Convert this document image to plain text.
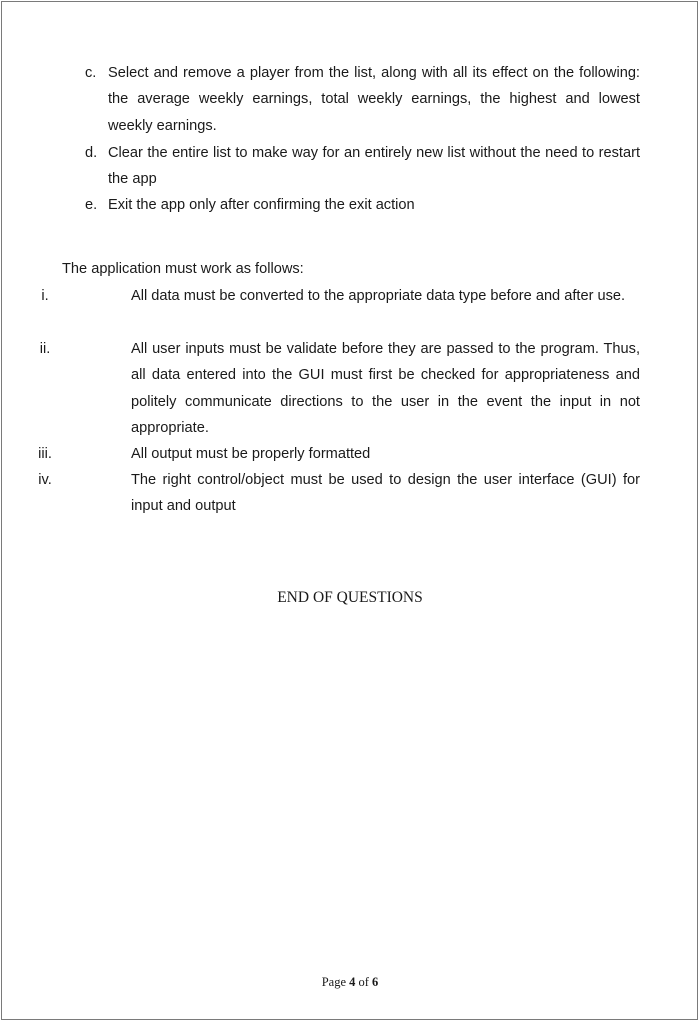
c. Select and remove a player from the list, along with all its effect on the following: the average weekly earnings, total weekly earnings, the highest and lowest weekly earnings.
d. Clear the entire list to make way for an entirely new list without the need to restart the app
e. Exit the app only after confirming the exit action
The application must work as follows:
i.	All data must be converted to the appropriate data type before and after use.
ii.	All user inputs must be validate before they are passed to the program. Thus, all data entered into the GUI must first be checked for appropriateness and politely communicate directions to the user in the event the input in not appropriate.
iii.	All output must be properly formatted
iv.	The right control/object must be used to design the user interface (GUI) for input and output
END OF QUESTIONS
Page 4 of 6
